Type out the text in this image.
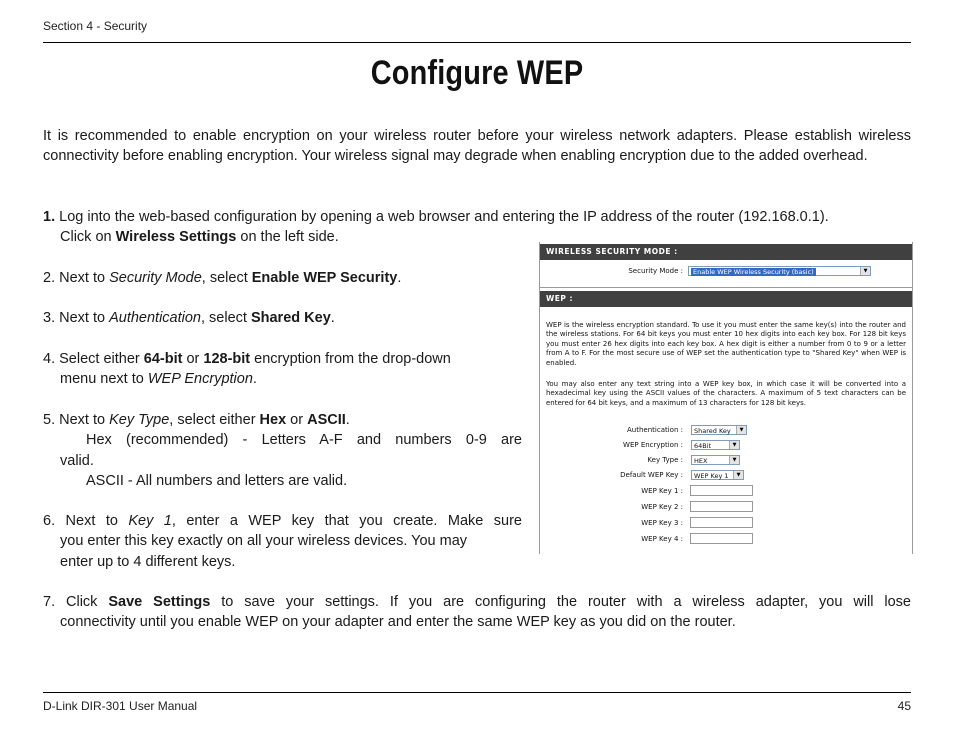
Section 4 - Security
Configure WEP
It is recommended to enable encryption on your wireless router before your wireless network adapters. Please establish wireless connectivity before enabling encryption. Your wireless signal may degrade when enabling encryption due to the added overhead.
1. Log into the web-based configuration by opening a web browser and entering the IP address of the router (192.168.0.1).
Click on Wireless Settings on the left side.
2. Next to Security Mode, select Enable WEP Security.
3. Next to Authentication, select Shared Key.
4. Select either 64-bit or 128-bit encryption from the drop-down
menu next to WEP Encryption.
5. Next to Key Type, select either Hex or ASCII.
Hex (recommended) - Letters A-F and numbers 0-9 are
valid.
ASCII - All numbers and letters are valid.
6. Next to Key 1, enter a WEP key that you create. Make sure
you enter this key exactly on all your wireless devices. You may
enter up to 4 different keys.
7. Click Save Settings to save your settings. If you are configuring the router with a wireless adapter, you will lose
connectivity until you enable WEP on your adapter and enter the same WEP key as you did on the router.
WIRELESS SECURITY MODE :
Security Mode :	Enable WEP Wireless Security (basic)	▼
WEP :
WEP is the wireless encryption standard. To use it you must enter the same key(s) into the router and the wireless stations. For 64 bit keys you must enter 10 hex digits into each key box. For 128 bit keys you must enter 26 hex digits into each key box. A hex digit is either a number from 0 to 9 or a letter from A to F. For the most secure use of WEP set the authentication type to "Shared Key" when WEP is enabled.
You may also enter any text string into a WEP key box, in which case it will be converted into a hexadecimal key using the ASCII values of the characters. A maximum of 5 text characters can be entered for 64 bit keys, and a maximum of 13 characters for 128 bit keys.
Authentication :	Shared Key	▼
WEP Encryption :	64Bit	▼
Key Type :	HEX	▼
Default WEP Key :	WEP Key 1	▼
WEP Key 1 :
WEP Key 2 :
WEP Key 3 :
WEP Key 4 :
D-Link DIR-301 User Manual	45
